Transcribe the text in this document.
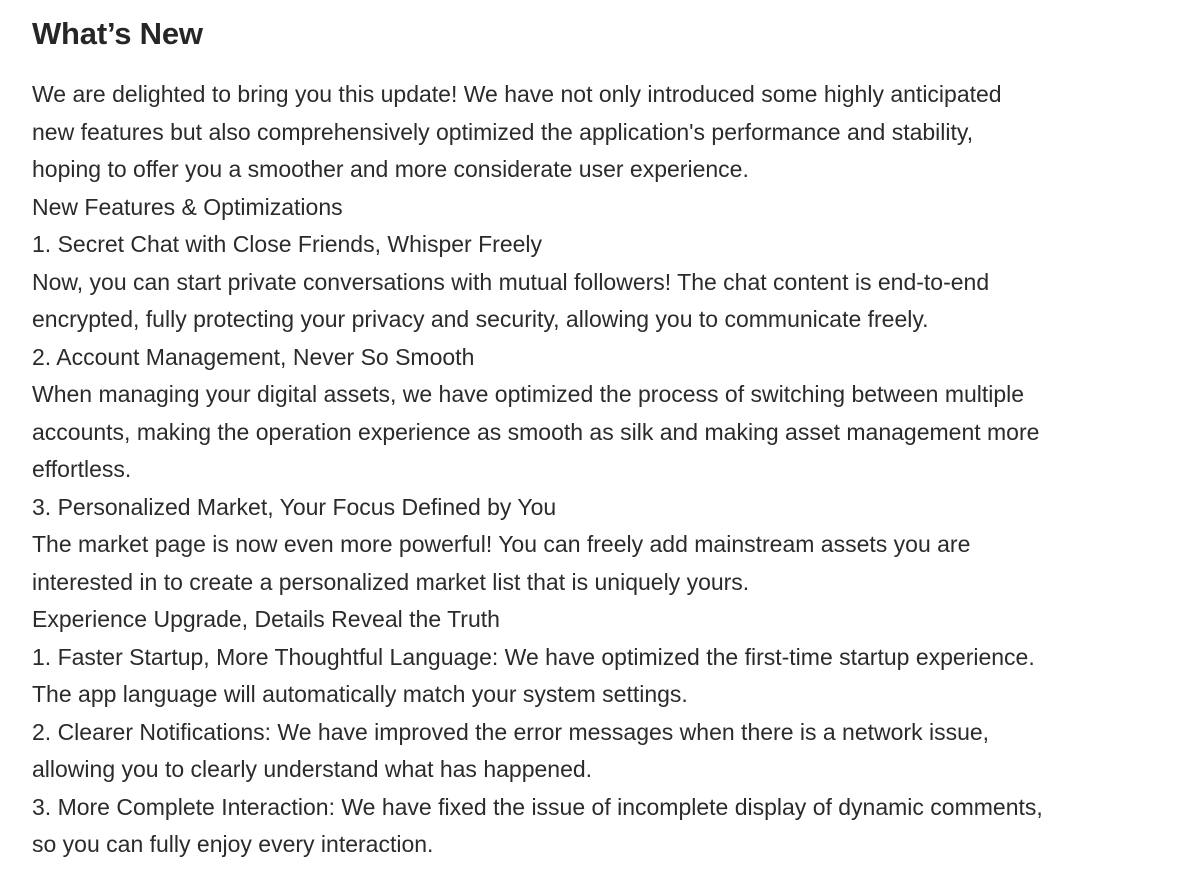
What’s New
We are delighted to bring you this update! We have not only introduced some highly anticipated
new features but also comprehensively optimized the application's performance and stability,
hoping to offer you a smoother and more considerate user experience.
New Features & Optimizations
1. Secret Chat with Close Friends, Whisper Freely
Now, you can start private conversations with mutual followers! The chat content is end-to-end
encrypted, fully protecting your privacy and security, allowing you to communicate freely.
2. Account Management, Never So Smooth
When managing your digital assets, we have optimized the process of switching between multiple
accounts, making the operation experience as smooth as silk and making asset management more
effortless.
3. Personalized Market, Your Focus Defined by You
The market page is now even more powerful! You can freely add mainstream assets you are
interested in to create a personalized market list that is uniquely yours.
Experience Upgrade, Details Reveal the Truth
1. Faster Startup, More Thoughtful Language: We have optimized the first-time startup experience.
The app language will automatically match your system settings.
2. Clearer Notifications: We have improved the error messages when there is a network issue,
allowing you to clearly understand what has happened.
3. More Complete Interaction: We have fixed the issue of incomplete display of dynamic comments,
so you can fully enjoy every interaction.
